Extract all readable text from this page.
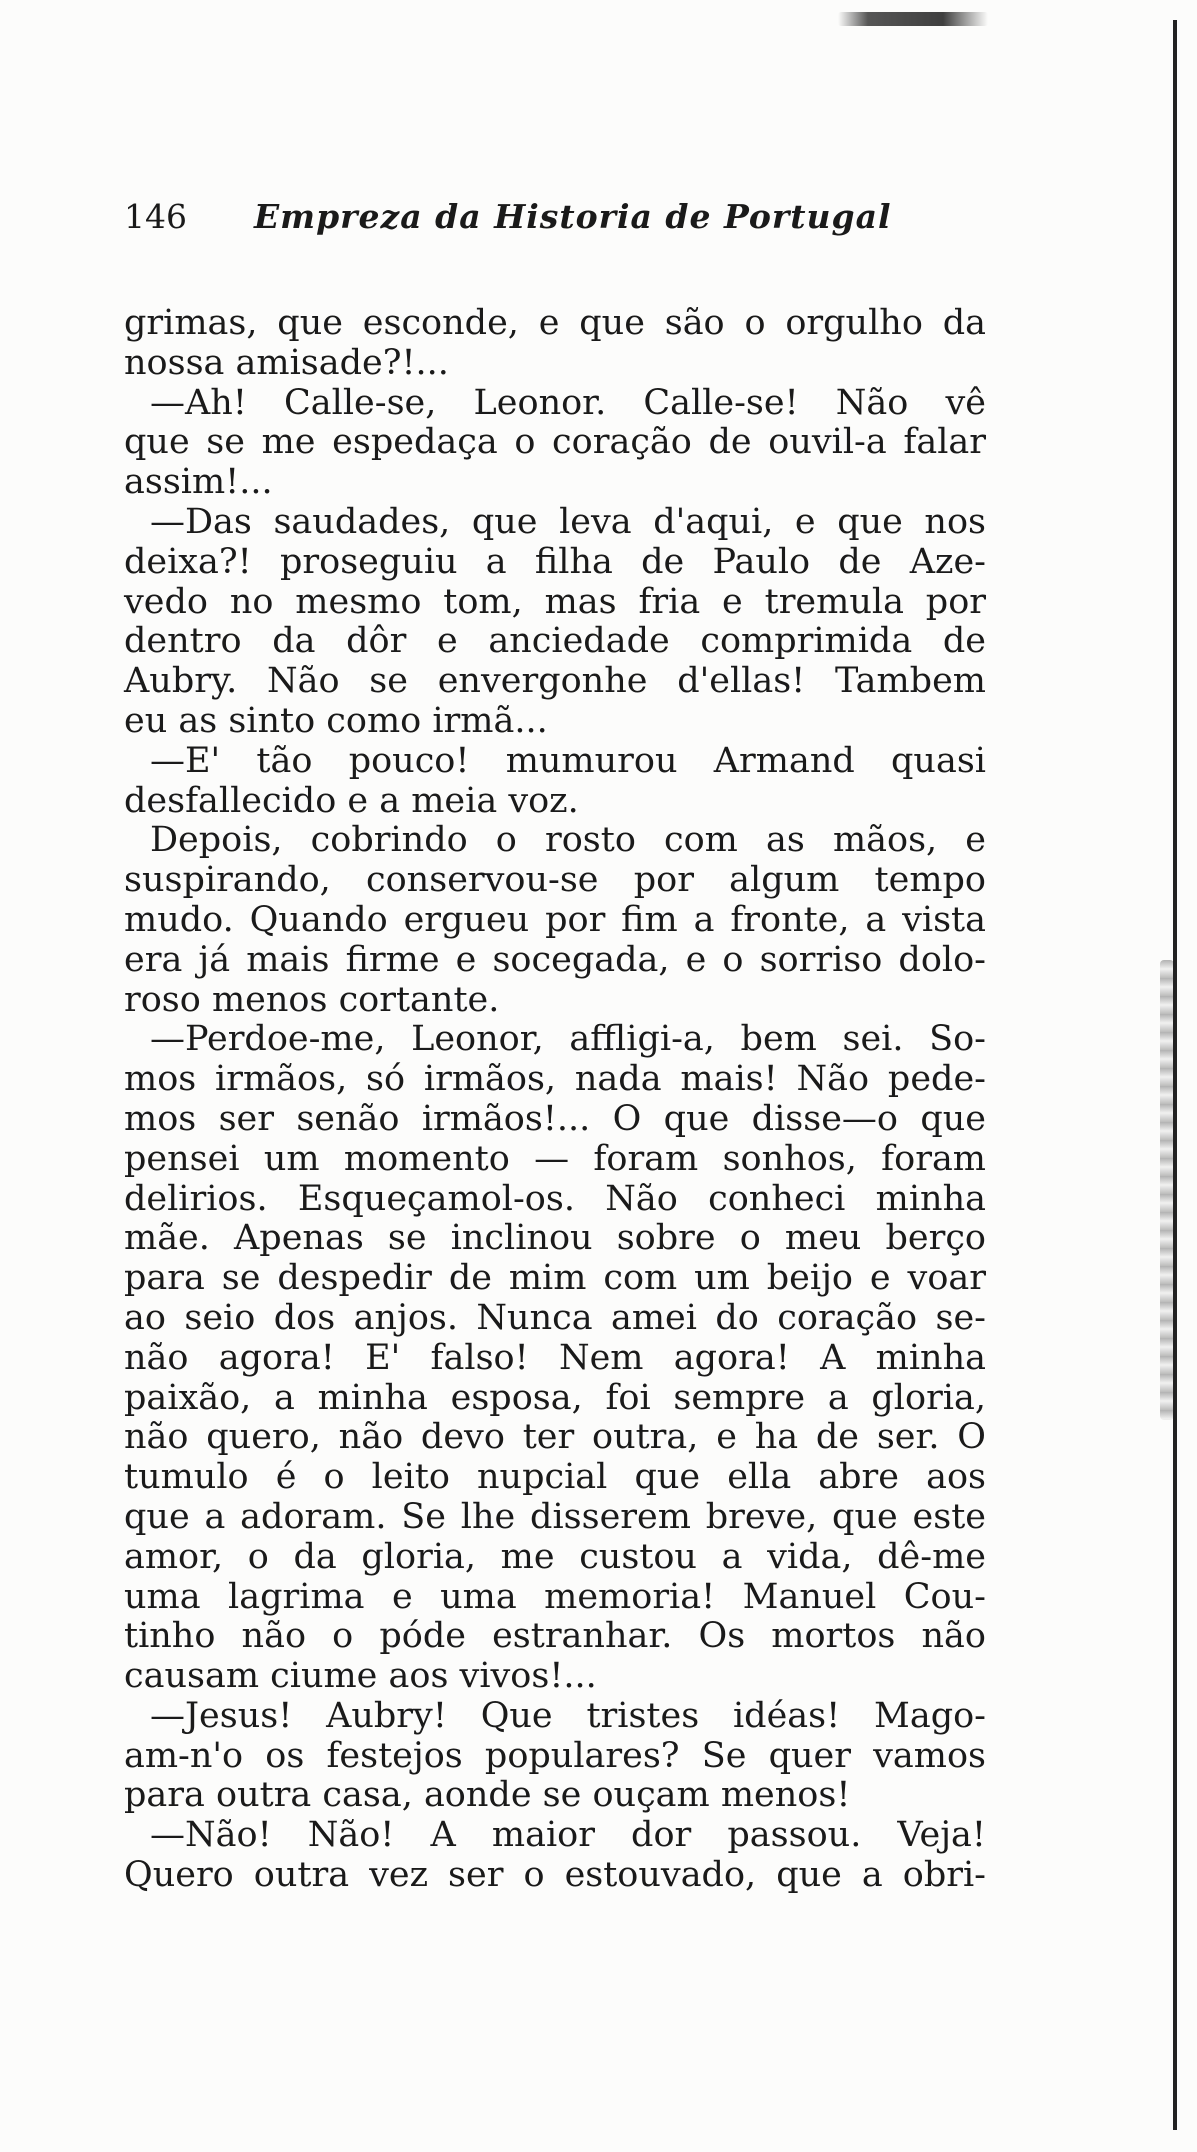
146 Empreza da Historia de Portugal
grimas, que esconde, e que são o orgulho da
nossa amisade?!...
—Ah! Calle-se, Leonor. Calle-se! Não vê
que se me espedaça o coração de ouvil-a falar
assim!...
—Das saudades, que leva d'aqui, e que nos
deixa?! proseguiu a filha de Paulo de Aze-
vedo no mesmo tom, mas fria e tremula por
dentro da dôr e anciedade comprimida de
Aubry. Não se envergonhe d'ellas! Tambem
eu as sinto como irmã...
—E' tão pouco! mumurou Armand quasi
desfallecido e a meia voz.
Depois, cobrindo o rosto com as mãos, e
suspirando, conservou-se por algum tempo
mudo. Quando ergueu por fim a fronte, a vista
era já mais firme e socegada, e o sorriso dolo-
roso menos cortante.
—Perdoe-me, Leonor, affligi-a, bem sei. So-
mos irmãos, só irmãos, nada mais! Não pede-
mos ser senão irmãos!... O que disse—o que
pensei um momento — foram sonhos, foram
delirios. Esqueçamol-os. Não conheci minha
mãe. Apenas se inclinou sobre o meu berço
para se despedir de mim com um beijo e voar
ao seio dos anjos. Nunca amei do coração se-
não agora! E' falso! Nem agora! A minha
paixão, a minha esposa, foi sempre a gloria,
não quero, não devo ter outra, e ha de ser. O
tumulo é o leito nupcial que ella abre aos
que a adoram. Se lhe disserem breve, que este
amor, o da gloria, me custou a vida, dê-me
uma lagrima e uma memoria! Manuel Cou-
tinho não o póde estranhar. Os mortos não
causam ciume aos vivos!...
—Jesus! Aubry! Que tristes idéas! Mago-
am-n'o os festejos populares? Se quer vamos
para outra casa, aonde se ouçam menos!
—Não! Não! A maior dor passou. Veja!
Quero outra vez ser o estouvado, que a obri-
